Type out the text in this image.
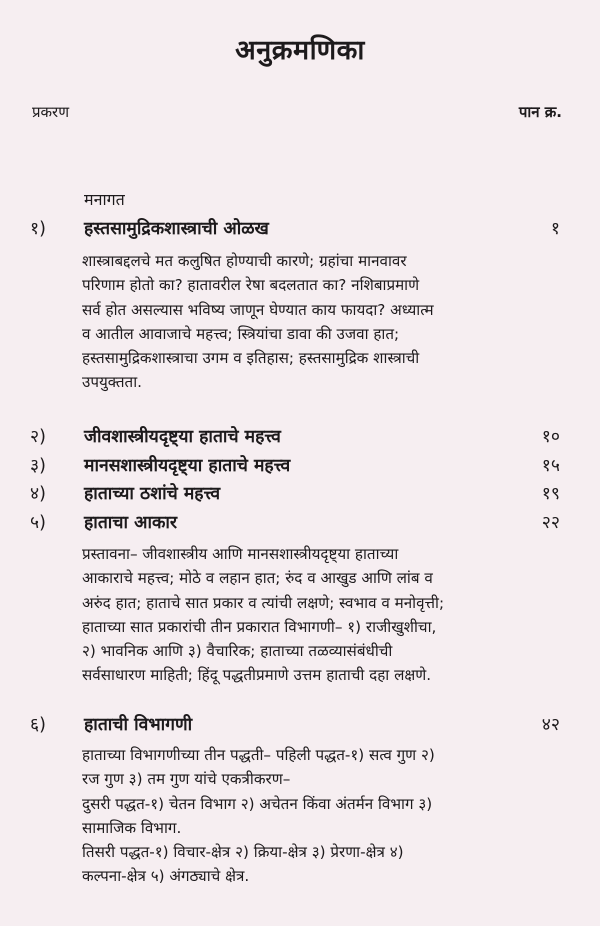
अनुक्रमणिका
प्रकरण	पान क्र.
मनागत
१) हस्तसामुद्रिकशास्त्राची ओळख	१
शास्त्राबद्दलचे मत कलुषित होण्याची कारणे; ग्रहांचा मानवावर
परिणाम होतो का? हातावरील रेषा बदलतात का? नशिबाप्रमाणे
सर्व होत असल्यास भविष्य जाणून घेण्यात काय फायदा? अध्यात्म
व आतील आवाजाचे महत्त्व; स्त्रियांचा डावा की उजवा हात;
हस्तसामुद्रिकशास्त्राचा उगम व इतिहास; हस्तसामुद्रिक शास्त्राची
उपयुक्तता.
२) जीवशास्त्रीयदृष्ट्या हाताचे महत्त्व	१०
३) मानसशास्त्रीयदृष्ट्या हाताचे महत्त्व	१५
४) हाताच्या ठशांचे महत्त्व	१९
५) हाताचा आकार	२२
प्रस्तावना– जीवशास्त्रीय आणि मानसशास्त्रीयदृष्ट्या हाताच्या
आकाराचे महत्त्व; मोठे व लहान हात; रुंद व आखुड आणि लांब व
अरुंद हात; हाताचे सात प्रकार व त्यांची लक्षणे; स्वभाव व मनोवृत्ती;
हाताच्या सात प्रकारांची तीन प्रकारात विभागणी– १) राजीखुशीचा,
२) भावनिक आणि ३) वैचारिक; हाताच्या तळव्यासंबंधीची
सर्वसाधारण माहिती; हिंदू पद्धतीप्रमाणे उत्तम हाताची दहा लक्षणे.
६) हाताची विभागणी	४२
हाताच्या विभागणीच्या तीन पद्धती– पहिली पद्धत-१) सत्व गुण २)
रज गुण ३) तम गुण यांचे एकत्रीकरण–
दुसरी पद्धत-१) चेतन विभाग २) अचेतन किंवा अंतर्मन विभाग ३)
सामाजिक विभाग.
तिसरी पद्धत-१) विचार-क्षेत्र २) क्रिया-क्षेत्र ३) प्रेरणा-क्षेत्र ४)
कल्पना-क्षेत्र ५) अंगठ्याचे क्षेत्र.
